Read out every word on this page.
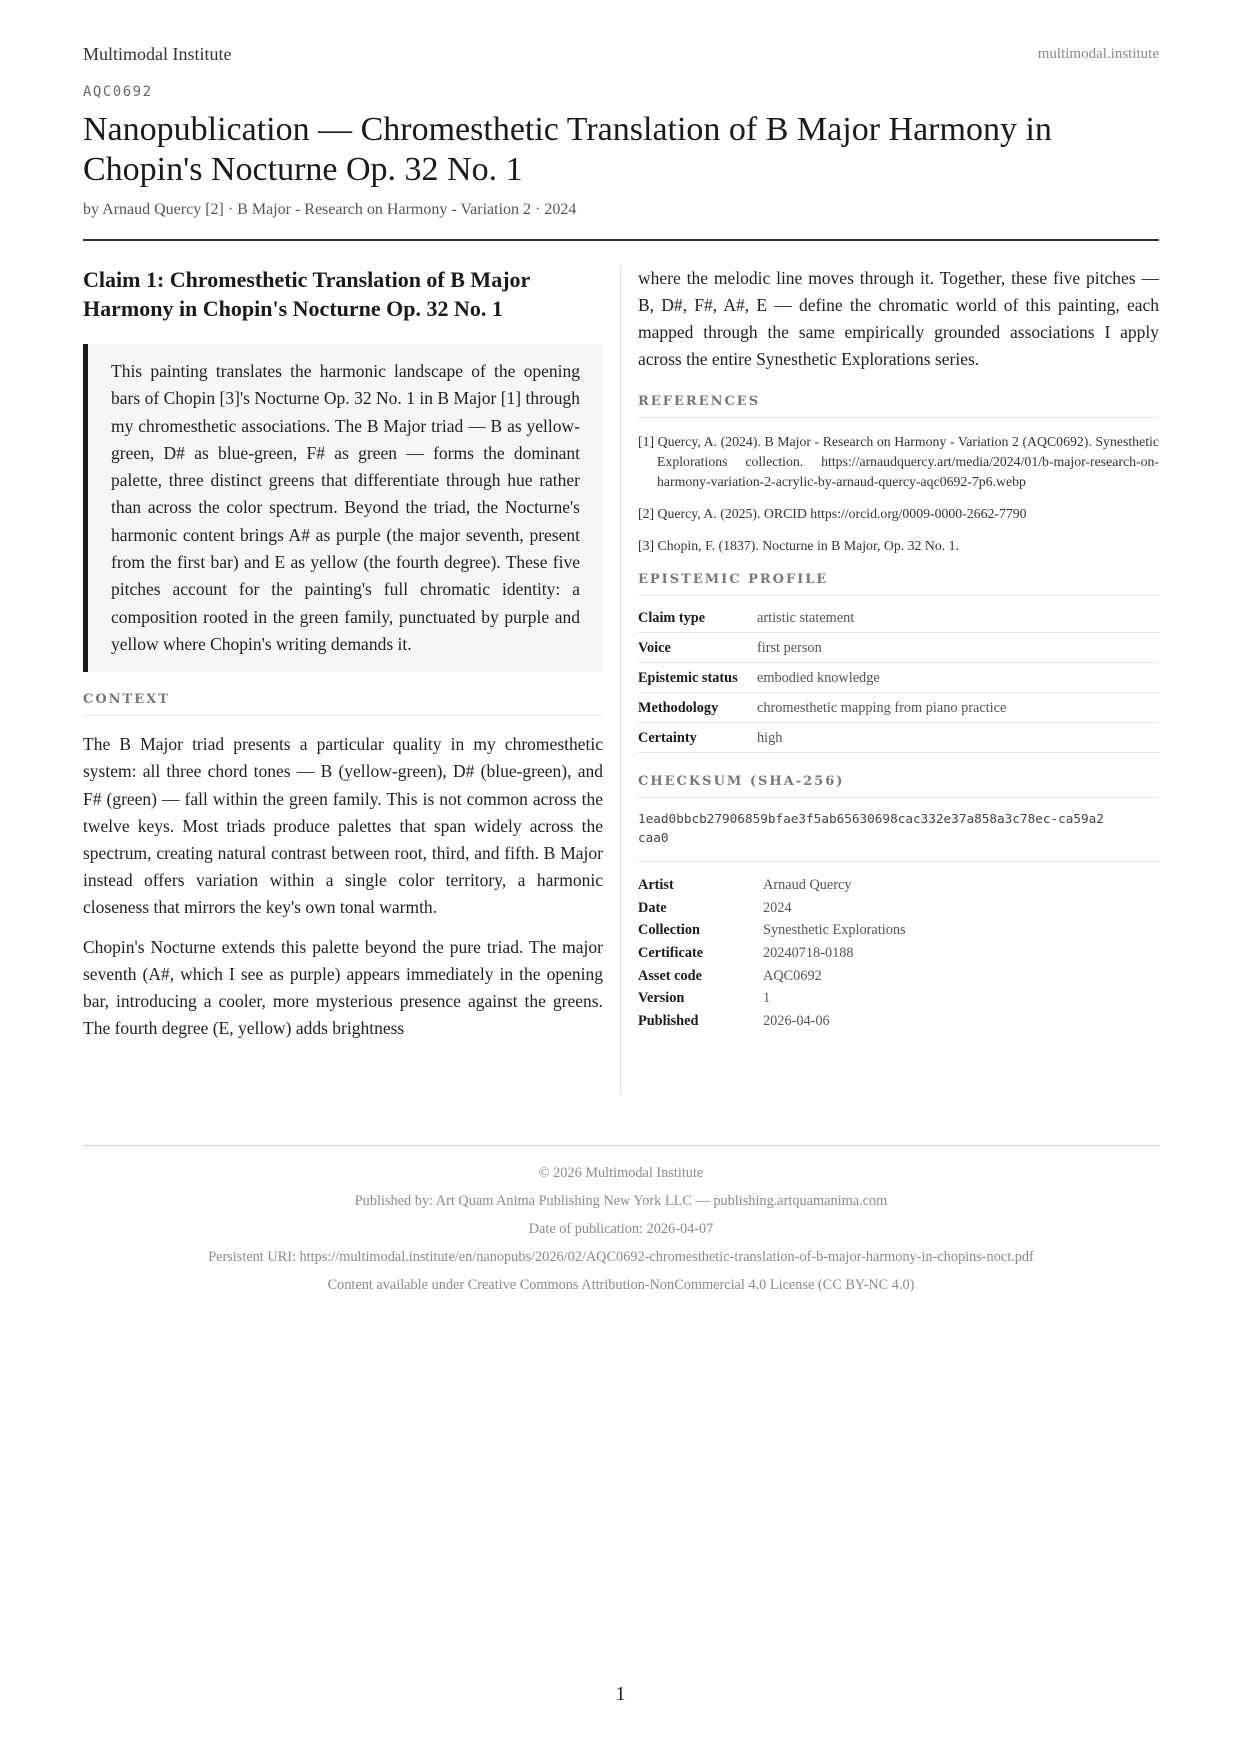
Multimodal Institute	multimodal.institute
AQC0692
Nanopublication — Chromesthetic Translation of B Major Harmony in Chopin's Nocturne Op. 32 No. 1
by Arnaud Quercy [2] · B Major - Research on Harmony - Variation 2 · 2024
Claim 1: Chromesthetic Translation of B Major Harmony in Chopin's Nocturne Op. 32 No. 1

This painting translates the harmonic landscape of the opening bars of Chopin [3]'s Nocturne Op. 32 No. 1 in B Major [1] through my chromesthetic associations. The B Major triad — B as yellow-green, D# as blue-green, F# as green — forms the dominant palette, three distinct greens that differentiate through hue rather than across the color spectrum. Beyond the triad, the Nocturne's harmonic content brings A# as purple (the major seventh, present from the first bar) and E as yellow (the fourth degree). These five pitches account for the painting's full chromatic identity: a composition rooted in the green family, punctuated by purple and yellow where Chopin's writing demands it.

CONTEXT

The B Major triad presents a particular quality in my chromesthetic system: all three chord tones — B (yellow-green), D# (blue-green), and F# (green) — fall within the green family. This is not common across the twelve keys. Most triads produce palettes that span widely across the spectrum, creating natural contrast between root, third, and fifth. B Major instead offers variation within a single color territory, a harmonic closeness that mirrors the key's own tonal warmth.

Chopin's Nocturne extends this palette beyond the pure triad. The major seventh (A#, which I see as purple) appears immediately in the opening bar, introducing a cooler, more mysterious presence against the greens. The fourth degree (E, yellow) adds brightness

where the melodic line moves through it. Together, these five pitches — B, D#, F#, A#, E — define the chromatic world of this painting, each mapped through the same empirically grounded associations I apply across the entire Synesthetic Explorations series.

REFERENCES
[1] Quercy, A. (2024). B Major - Research on Harmony - Variation 2 (AQC0692). Synesthetic Explorations collection. https://arnaudquercy.art/media/2024/01/b-major-research-on-harmony-variation-2-acrylic-by-arnaud-quercy-aqc0692-7p6.webp
[2] Quercy, A. (2025). ORCID https://orcid.org/0009-0000-2662-7790
[3] Chopin, F. (1837). Nocturne in B Major, Op. 32 No. 1.
EPISTEMIC PROFILE
Claim type	artistic statement
Voice	first person
Epistemic status	embodied knowledge
Methodology	chromesthetic mapping from piano practice
Certainty	high
CHECKSUM (SHA-256)
1ead0bbcb27906859bfae3f5ab65630698cac332e37a858a3c78ec-ca59a2caa0
Artist	Arnaud Quercy
Date	2024
Collection	Synesthetic Explorations
Certificate	20240718-0188
Asset code	AQC0692
Version	1
Published	2026-04-06
© 2026 Multimodal Institute
Published by: Art Quam Anima Publishing New York LLC — publishing.artquamanima.com
Date of publication: 2026-04-07
Persistent URI: https://multimodal.institute/en/nanopubs/2026/02/AQC0692-chromesthetic-translation-of-b-major-harmony-in-chopins-noct.pdf
Content available under Creative Commons Attribution-NonCommercial 4.0 License (CC BY-NC 4.0)
1
